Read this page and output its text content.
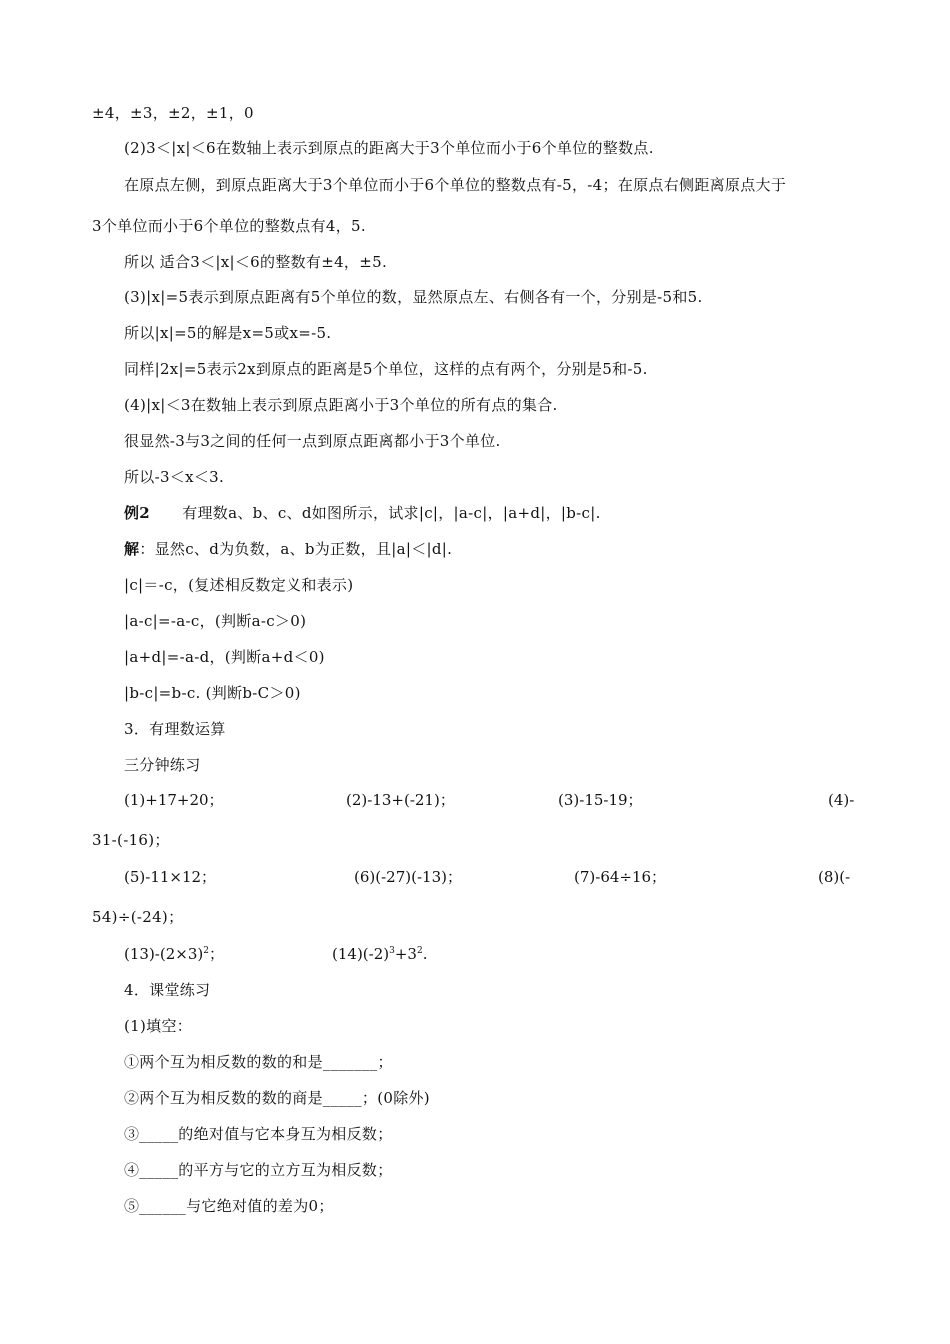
±4，±3，±2，±1，0
(2)3＜|x|＜6在数轴上表示到原点的距离大于3个单位而小于6个单位的整数点.
在原点左侧，到原点距离大于3个单位而小于6个单位的整数点有-5，-4；在原点右侧距离原点大于
3个单位而小于6个单位的整数点有4，5.
所以 适合3＜|x|＜6的整数有±4，±5.
(3)|x|=5表示到原点距离有5个单位的数，显然原点左、右侧各有一个，分别是-5和5.
所以|x|=5的解是x=5或x=-5.
同样|2x|=5表示2x到原点的距离是5个单位，这样的点有两个，分别是5和-5.
(4)|x|＜3在数轴上表示到原点距离小于3个单位的所有点的集合.
很显然-3与3之间的任何一点到原点距离都小于3个单位.
所以-3＜x＜3.
例2 有理数a、b、c、d如图所示，试求|c|，|a-c|，|a+d|，|b-c|.
解：显然c、d为负数，a、b为正数，且|a|＜|d|.
|c|＝-c，(复述相反数定义和表示)
|a-c|=-a-c，(判断a-c＞0)
|a+d|=-a-d，(判断a+d＜0)
|b-c|=b-c. (判断b-C＞0)
3．有理数运算
三分钟练习
(1)+17+20；	(2)-13+(-21)；	(3)-15-19；	(4)-
31-(-16)；
(5)-11×12；	(6)(-27)(-13)；	(7)-64÷16；	(8)(-
54)÷(-24)；
$(13)-(2\times 3)^2$；	$(14)(-2)^3+3^2$.
4．课堂练习
(1)填空：
①两个互为相反数的数的和是_______；
②两个互为相反数的数的商是_____；(0除外)
③_____的绝对值与它本身互为相反数；
④_____的平方与它的立方互为相反数；
⑤______与它绝对值的差为0；
